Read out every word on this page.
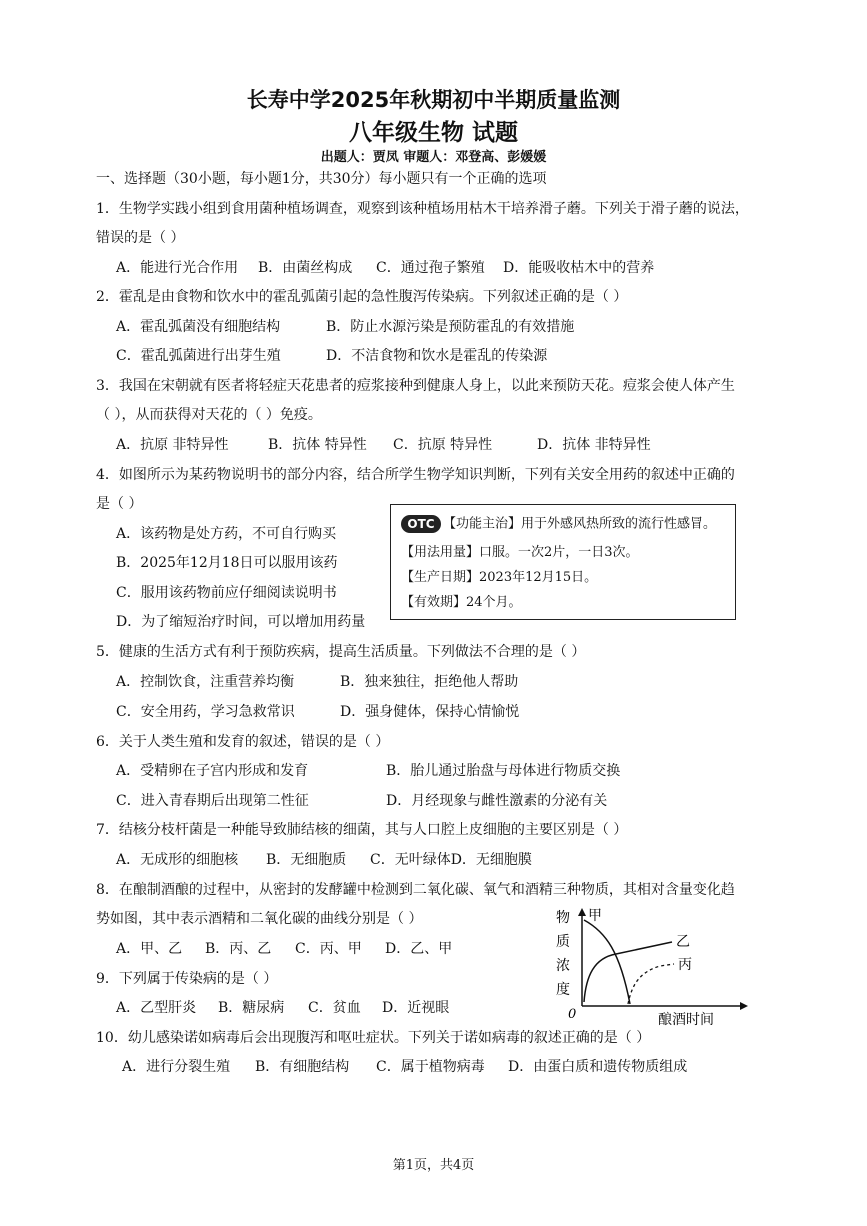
长寿中学2025年秋期初中半期质量监测
八年级生物 试题
出题人：贾凤 审题人：邓登高、彭媛媛
一、选择题（30小题，每小题1分，共30分）每小题只有一个正确的选项
1．生物学实践小组到食用菌种植场调查，观察到该种植场用枯木干培养滑子蘑。下列关于滑子蘑的说法，
错误的是（ ）
A．能进行光合作用 B．由菌丝构成 C．通过孢子繁殖 D．能吸收枯木中的营养
2．霍乱是由食物和饮水中的霍乱弧菌引起的急性腹泻传染病。下列叙述正确的是（ ）
A．霍乱弧菌没有细胞结构	B．防止水源污染是预防霍乱的有效措施
C．霍乱弧菌进行出芽生殖	D．不洁食物和饮水是霍乱的传染源
3．我国在宋朝就有医者将轻症天花患者的痘浆接种到健康人身上，以此来预防天花。痘浆会使人体产生
（ ），从而获得对天花的（ ）免疫。
A．抗原 非特异性	B．抗体 特异性 C．抗原 特异性	D．抗体 非特异性
4．如图所示为某药物说明书的部分内容，结合所学生物学知识判断，下列有关安全用药的叙述中正确的
是（ ）
A．该药物是处方药，不可自行购买
B．2025年12月18日可以服用该药
C．服用该药物前应仔细阅读说明书
D．为了缩短治疗时间，可以增加用药量
OTC 【功能主治】用于外感风热所致的流行性感冒。
【用法用量】口服。一次2片，一日3次。
【生产日期】2023年12月15日。
【有效期】24个月。
5．健康的生活方式有利于预防疾病，提高生活质量。下列做法不合理的是（ ）
A．控制饮食，注重营养均衡	B．独来独往，拒绝他人帮助
C．安全用药，学习急救常识	D．强身健体，保持心情愉悦
6．关于人类生殖和发育的叙述，错误的是（ ）
A．受精卵在子宫内形成和发育	B．胎儿通过胎盘与母体进行物质交换
C．进入青春期后出现第二性征	D．月经现象与雌性激素的分泌有关
7．结核分枝杆菌是一种能导致肺结核的细菌，其与人口腔上皮细胞的主要区别是（ ）
A．无成形的细胞核 B．无细胞质 C．无叶绿体D．无细胞膜
8．在酿制酒酿的过程中，从密封的发酵罐中检测到二氧化碳、氧气和酒精三种物质，其相对含量变化趋
势如图，其中表示酒精和二氧化碳的曲线分别是（ ）
A．甲、乙 B．丙、乙 C．丙、甲 D．乙、甲
物
质
浓
度
甲
乙
丙
0	酿酒时间
9．下列属于传染病的是（ ）
A．乙型肝炎 B．糖尿病 C．贫血 D．近视眼
10．幼儿感染诺如病毒后会出现腹泻和呕吐症状。下列关于诺如病毒的叙述正确的是（ ）
A．进行分裂生殖 B．有细胞结构 C．属于植物病毒 D．由蛋白质和遗传物质组成
第1页，共4页
